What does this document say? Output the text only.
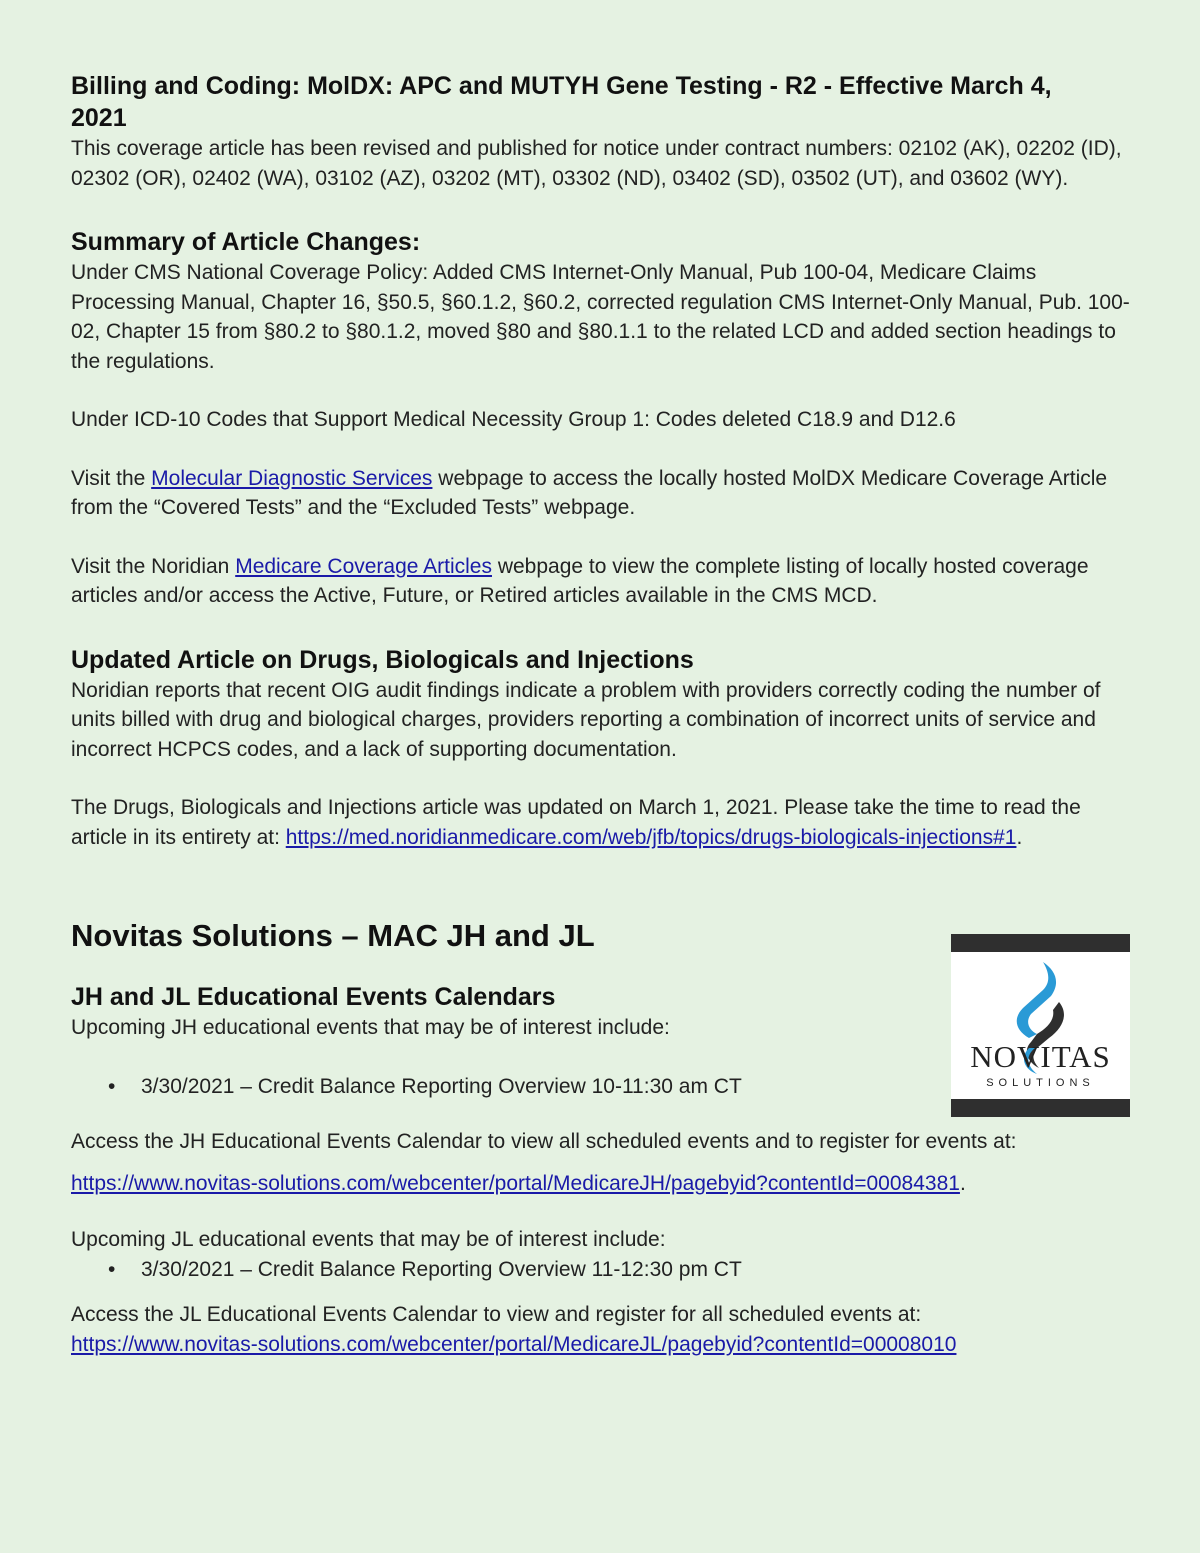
Billing and Coding: MolDX: APC and MUTYH Gene Testing - R2 - Effective March 4, 2021

This coverage article has been revised and published for notice under contract numbers: 02102 (AK), 02202 (ID), 02302 (OR), 02402 (WA), 03102 (AZ), 03202 (MT), 03302 (ND), 03402 (SD), 03502 (UT), and 03602 (WY).

Summary of Article Changes:

Under CMS National Coverage Policy: Added CMS Internet-Only Manual, Pub 100-04, Medicare Claims Processing Manual, Chapter 16, §50.5, §60.1.2, §60.2, corrected regulation CMS Internet-Only Manual, Pub. 100-02, Chapter 15 from §80.2 to §80.1.2, moved §80 and §80.1.1 to the related LCD and added section headings to the regulations.

Under ICD-10 Codes that Support Medical Necessity Group 1: Codes deleted C18.9 and D12.6

Visit the Molecular Diagnostic Services webpage to access the locally hosted MolDX Medicare Coverage Article from the “Covered Tests” and the “Excluded Tests” webpage.

Visit the Noridian Medicare Coverage Articles webpage to view the complete listing of locally hosted coverage articles and/or access the Active, Future, or Retired articles available in the CMS MCD.

Updated Article on Drugs, Biologicals and Injections

Noridian reports that recent OIG audit findings indicate a problem with providers correctly coding the number of units billed with drug and biological charges, providers reporting a combination of incorrect units of service and incorrect HCPCS codes, and a lack of supporting documentation.

The Drugs, Biologicals and Injections article was updated on March 1, 2021. Please take the time to read the article in its entirety at: https://med.noridianmedicare.com/web/jfb/topics/drugs-biologicals-injections#1.

Novitas Solutions – MAC JH and JL
JH and JL Educational Events Calendars

Upcoming JH educational events that may be of interest include:

•	3/30/2021 – Credit Balance Reporting Overview 10-11:30 am CT

Access the JH Educational Events Calendar to view all scheduled events and to register for events at:

https://www.novitas-solutions.com/webcenter/portal/MedicareJH/pagebyid?contentId=00084381.

Upcoming JL educational events that may be of interest include:

•	3/30/2021 – Credit Balance Reporting Overview 11-12:30 pm CT

Access the JL Educational Events Calendar to view and register for all scheduled events at:

https://www.novitas-solutions.com/webcenter/portal/MedicareJL/pagebyid?contentId=00008010

NOVITAS
SOLUTIONS
